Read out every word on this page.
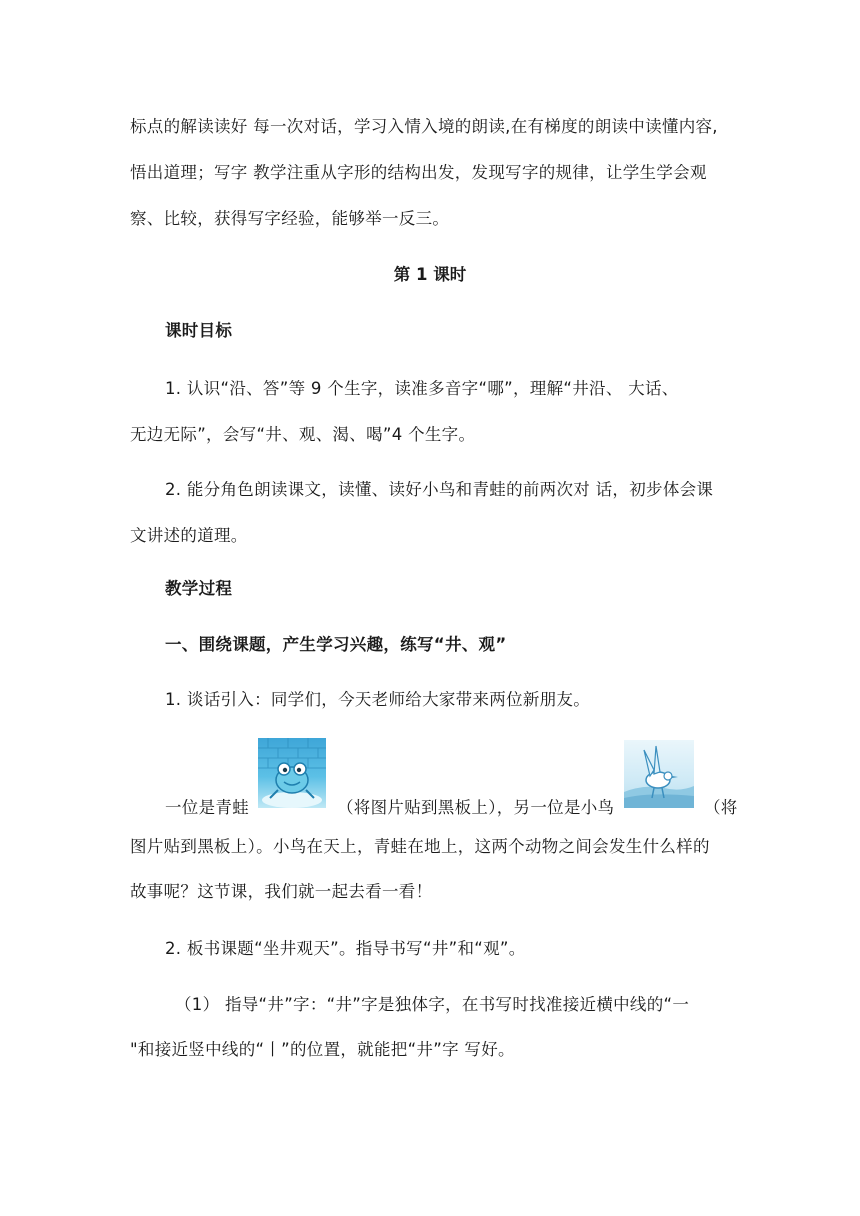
标点的解读读好 每一次对话，学习入情入境的朗读,在有梯度的朗读中读懂内容,
悟出道理；写字 教学注重从字形的结构出发，发现写字的规律，让学生学会观
察、比较，获得写字经验，能够举一反三。
第 1 课时
课时目标
1. 认识“沿、答”等 9 个生字，读准多音字“哪”，理解“井沿、 大话、
无边无际”，会写“井、观、渴、喝”4 个生字。
2. 能分角色朗读课文，读懂、读好小鸟和青蛙的前两次对 话，初步体会课
文讲述的道理。
教学过程
一、围绕课题，产生学习兴趣，练写“井、观”
1. 谈话引入：同学们，今天老师给大家带来两位新朋友。
一位是青蛙	（将图片贴到黑板上），另一位是小鸟	（将
图片贴到黑板上）。小鸟在天上，青蛙在地上，这两个动物之间会发生什么样的
故事呢？这节课，我们就一起去看一看！
2. 板书课题“坐井观天”。指导书写“井”和“观”。
（1） 指导“井”字：“井”字是独体字，在书写时找准接近横中线的“一
"和接近竖中线的“丨”的位置，就能把“井”字 写好。
